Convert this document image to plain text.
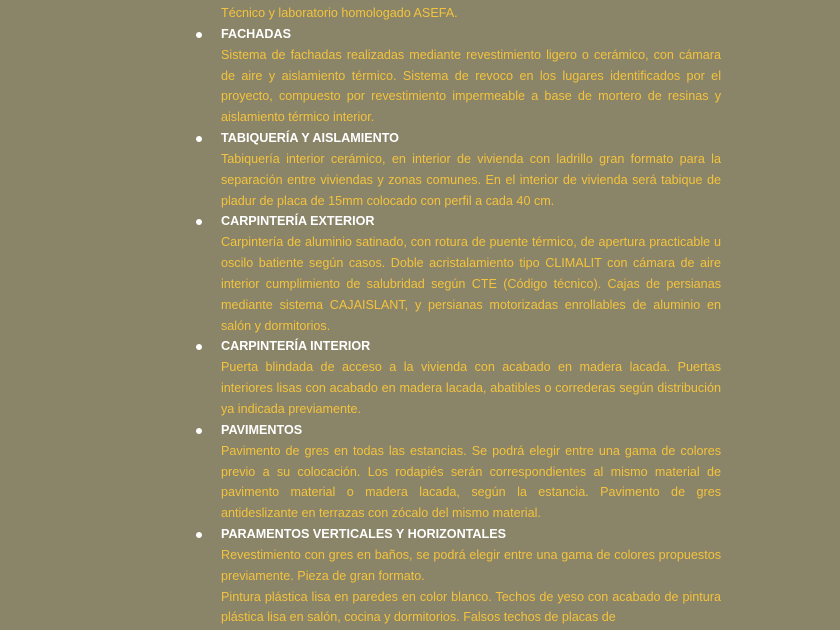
Técnico y laboratorio homologado ASEFA.

FACHADAS

Sistema de fachadas realizadas mediante revestimiento ligero o cerámico, con cámara de aire y aislamiento térmico. Sistema de revoco en los lugares identificados por el proyecto, compuesto por revestimiento impermeable a base de mortero de resinas y aislamiento térmico interior.

TABIQUERÍA Y AISLAMIENTO

Tabiquería interior cerámico, en interior de vivienda con ladrillo gran formato para la separación entre viviendas y zonas comunes. En el interior de vivienda será tabique de pladur de placa de 15mm colocado con perfil a cada 40 cm.

CARPINTERÍA EXTERIOR

Carpintería de aluminio satinado, con rotura de puente térmico, de apertura practicable u oscilo batiente según casos. Doble acristalamiento tipo CLIMALIT con cámara de aire interior cumplimiento de salubridad según CTE (Código técnico). Cajas de persianas mediante sistema CAJAISLANT, y persianas motorizadas enrollables de aluminio en salón y dormitorios.

CARPINTERÍA INTERIOR

Puerta blindada de acceso a la vivienda con acabado en madera lacada. Puertas interiores lisas con acabado en madera lacada, abatibles o correderas según distribución ya indicada previamente.

PAVIMENTOS

Pavimento de gres en todas las estancias. Se podrá elegir entre una gama de colores previo a su colocación. Los rodapiés serán correspondientes al mismo material de pavimento material o madera lacada, según la estancia. Pavimento de gres antideslizante en terrazas con zócalo del mismo material.

PARAMENTOS VERTICALES Y HORIZONTALES

Revestimiento con gres en baños, se podrá elegir entre una gama de colores propuestos previamente. Pieza de gran formato.

Pintura plástica lisa en paredes en color blanco. Techos de yeso con acabado de pintura plástica lisa en salón, cocina y dormitorios. Falsos techos de placas de
